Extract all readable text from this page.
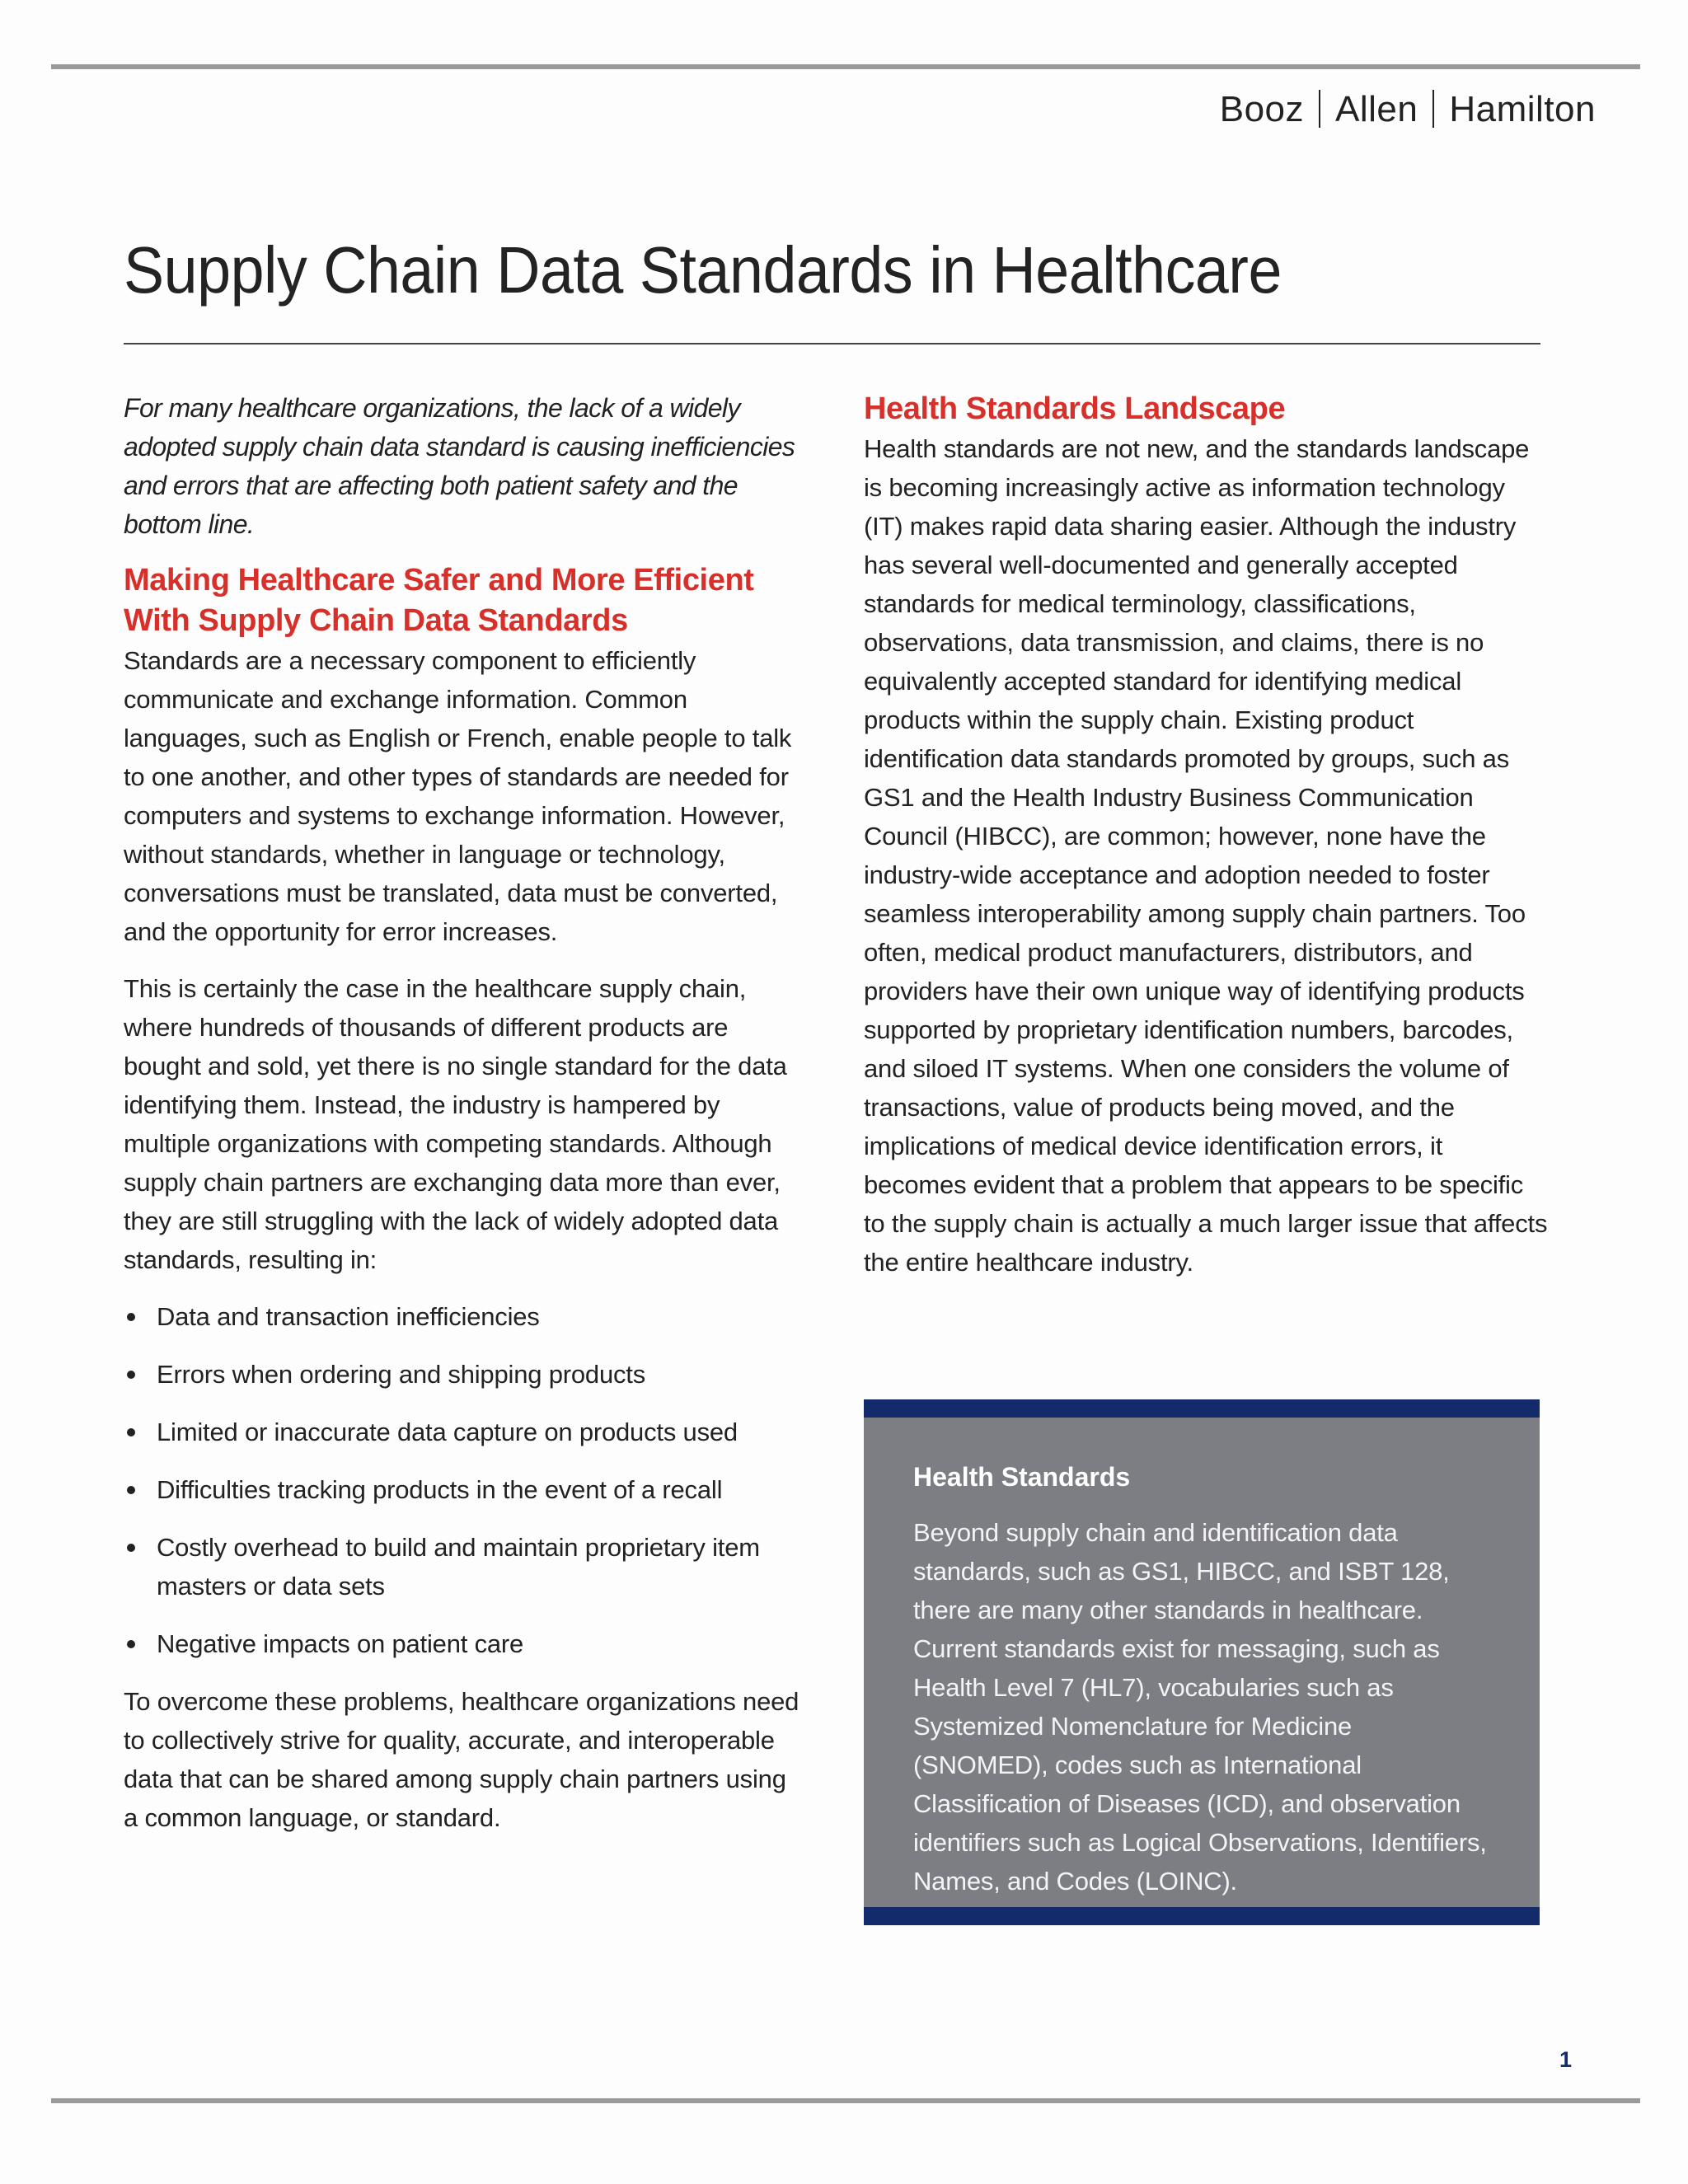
Booz Allen Hamilton
Supply Chain Data Standards in Healthcare

For many healthcare organizations, the lack of a widely adopted supply chain data standard is causing inefficiencies and errors that are affecting both patient safety and the bottom line.

Making Healthcare Safer and More Efficient With Supply Chain Data Standards

Standards are a necessary component to efficiently communicate and exchange information. Common languages, such as English or French, enable people to talk to one another, and other types of standards are needed for computers and systems to exchange information. However, without standards, whether in language or technology, conversations must be translated, data must be converted, and the opportunity for error increases.

This is certainly the case in the healthcare supply chain, where hundreds of thousands of different products are bought and sold, yet there is no single standard for the data identifying them. Instead, the industry is hampered by multiple organizations with competing standards. Although supply chain partners are exchanging data more than ever, they are still struggling with the lack of widely adopted data standards, resulting in:

Data and transaction inefficiencies
Errors when ordering and shipping products
Limited or inaccurate data capture on products used
Difficulties tracking products in the event of a recall
Costly overhead to build and maintain proprietary item masters or data sets
Negative impacts on patient care

To overcome these problems, healthcare organizations need to collectively strive for quality, accurate, and interoperable data that can be shared among supply chain partners using a common language, or standard.

Health Standards Landscape

Health standards are not new, and the standards landscape is becoming increasingly active as information technology (IT) makes rapid data sharing easier. Although the industry has several well-documented and generally accepted standards for medical terminology, classifications, observations, data transmission, and claims, there is no equivalently accepted standard for identifying medical products within the supply chain. Existing product identification data standards promoted by groups, such as GS1 and the Health Industry Business Communication Council (HIBCC), are common; however, none have the industry-wide acceptance and adoption needed to foster seamless interoperability among supply chain partners. Too often, medical product manufacturers, distributors, and providers have their own unique way of identifying products supported by proprietary identification numbers, barcodes, and siloed IT systems. When one considers the volume of transactions, value of products being moved, and the implications of medical device identification errors, it becomes evident that a problem that appears to be specific to the supply chain is actually a much larger issue that affects the entire healthcare industry.

Health Standards

Beyond supply chain and identification data standards, such as GS1, HIBCC, and ISBT 128, there are many other standards in healthcare. Current standards exist for messaging, such as Health Level 7 (HL7), vocabularies such as Systemized Nomenclature for Medicine (SNOMED), codes such as International Classification of Diseases (ICD), and observation identifiers such as Logical Observations, Identifiers, Names, and Codes (LOINC).

1
